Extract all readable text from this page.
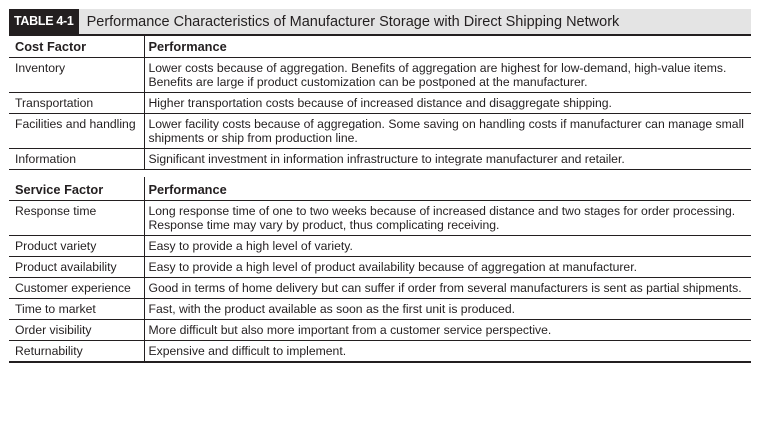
TABLE 4-1 Performance Characteristics of Manufacturer Storage with Direct Shipping Network
Cost Factor	Performance
Inventory	Lower costs because of aggregation. Benefits of aggregation are highest for low-demand, high-value items. Benefits are large if product customization can be postponed at the manufacturer.
Transportation	Higher transportation costs because of increased distance and disaggregate shipping.
Facilities and handling	Lower facility costs because of aggregation. Some saving on handling costs if manufacturer can manage small shipments or ship from production line.
Information	Significant investment in information infrastructure to integrate manufacturer and retailer.

Service Factor	Performance
Response time	Long response time of one to two weeks because of increased distance and two stages for order processing. Response time may vary by product, thus complicating receiving.
Product variety	Easy to provide a high level of variety.
Product availability	Easy to provide a high level of product availability because of aggregation at manufacturer.
Customer experience	Good in terms of home delivery but can suffer if order from several manufacturers is sent as partial shipments.
Time to market	Fast, with the product available as soon as the first unit is produced.
Order visibility	More difficult but also more important from a customer service perspective.
Returnability	Expensive and difficult to implement.
